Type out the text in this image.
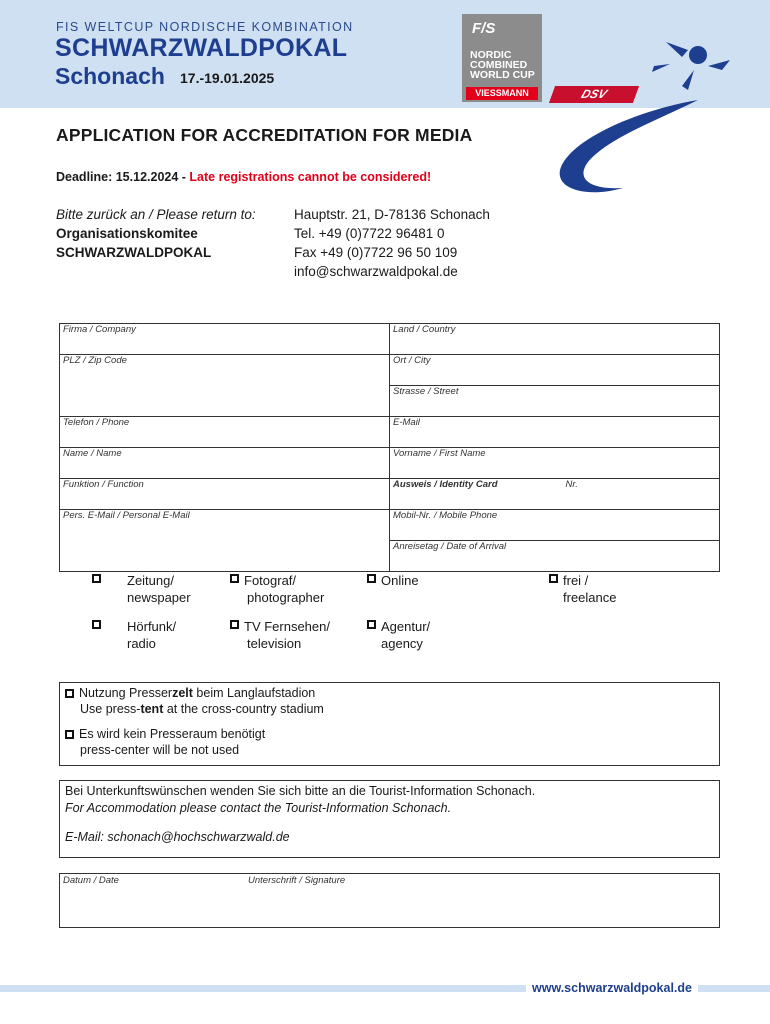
FIS WELTCUP NORDISCHE KOMBINATION
SCHWARZWALDPOKAL
Schonach 17.-19.01.2025
F/S
NORDIC
COMBINED
WORLD CUP
VIESSMANN	DSV
APPLICATION FOR ACCREDITATION FOR MEDIA
Deadline: 15.12.2024 - Late registrations cannot be considered!
Bitte zurück an / Please return to:
Organisationskomitee
SCHWARZWALDPOKAL
Hauptstr. 21, D-78136 Schonach
Tel. +49 (0)7722 96481 0
Fax +49 (0)7722 96 50 109
info@schwarzwaldpokal.de
Firma / Company	Land / Country
PLZ / Zip Code	Ort / City
	Strasse / Street
Telefon / Phone	E-Mail
Name / Name	Vorname / First Name
Funktion / Function	Ausweis / Identity Card Nr.
Pers. E-Mail / Personal E-Mail	Mobil-Nr. / Mobile Phone
	Anreisetag / Date of Arrival
Zeitung/
newspaper
Fotograf/
photographer
Online	frei /
freelance
Hörfunk/
radio
TV Fernsehen/
television
Agentur/
agency
Nutzung Presserzelt beim Langlaufstadion
Use press-tent at the cross-country stadium
Es wird kein Presseraum benötigt
press-center will be not used
Bei Unterkunftswünschen wenden Sie sich bitte an die Tourist-Information Schonach.
For Accommodation please contact the Tourist-Information Schonach.
E-Mail: schonach@hochschwarzwald.de
Datum / Date	Unterschrift / Signature
www.schwarzwaldpokal.de
